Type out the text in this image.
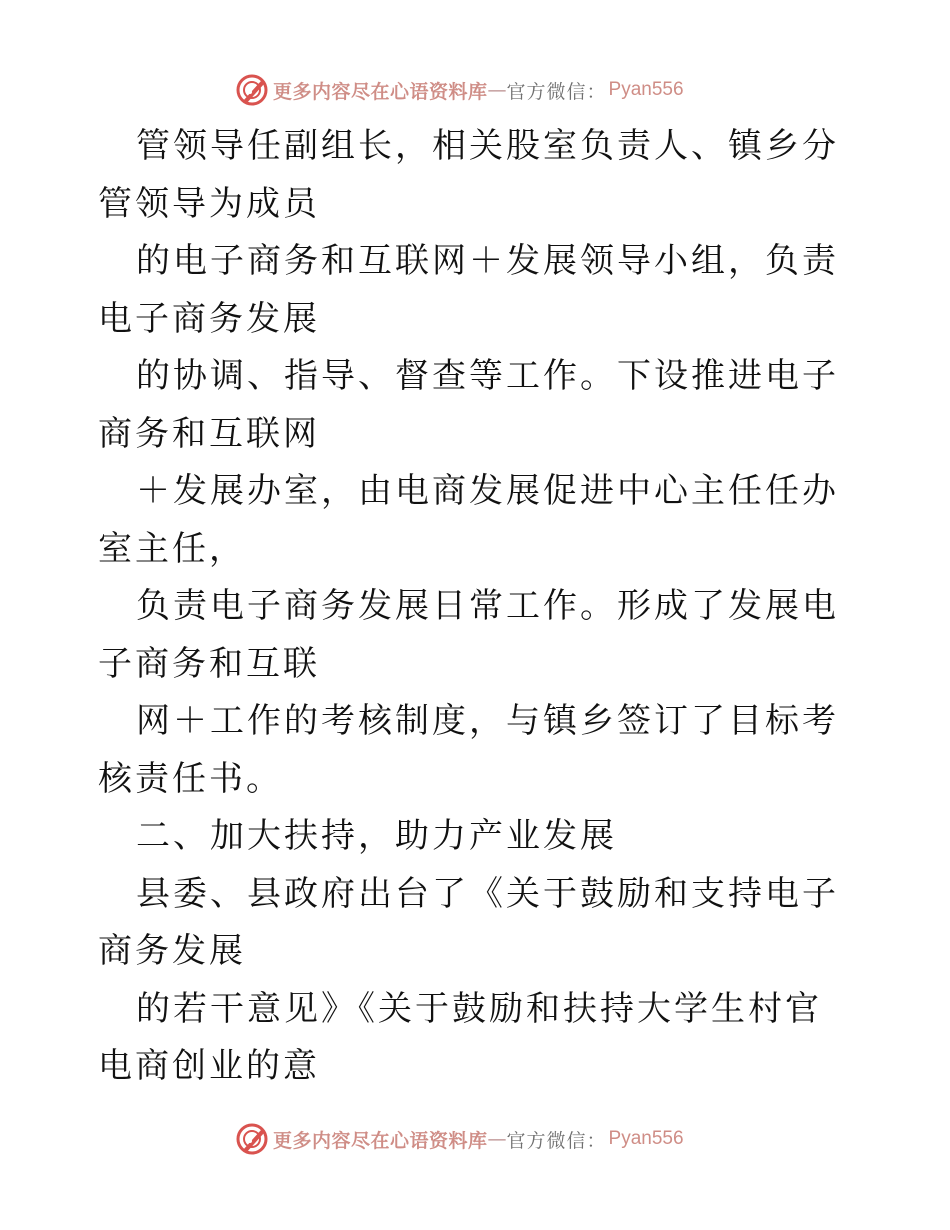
更多内容尽在心语资料库 — 官方微信： Pyan556

管领导任副组长，相关股室负责人、镇乡分管领导为成员

的电子商务和互联网＋发展领导小组，负责电子商务发展

的协调、指导、督查等工作。下设推进电子商务和互联网

＋发展办室，由电商发展促进中心主任任办室主任，

负责电子商务发展日常工作。形成了发展电子商务和互联

网＋工作的考核制度，与镇乡签订了目标考核责任书。

二、加大扶持，助力产业发展

县委、县政府出台了《关于鼓励和支持电子商务发展

的若干意见》《关于鼓励和扶持大学生村官电商创业的意

更多内容尽在心语资料库 — 官方微信： Pyan556
